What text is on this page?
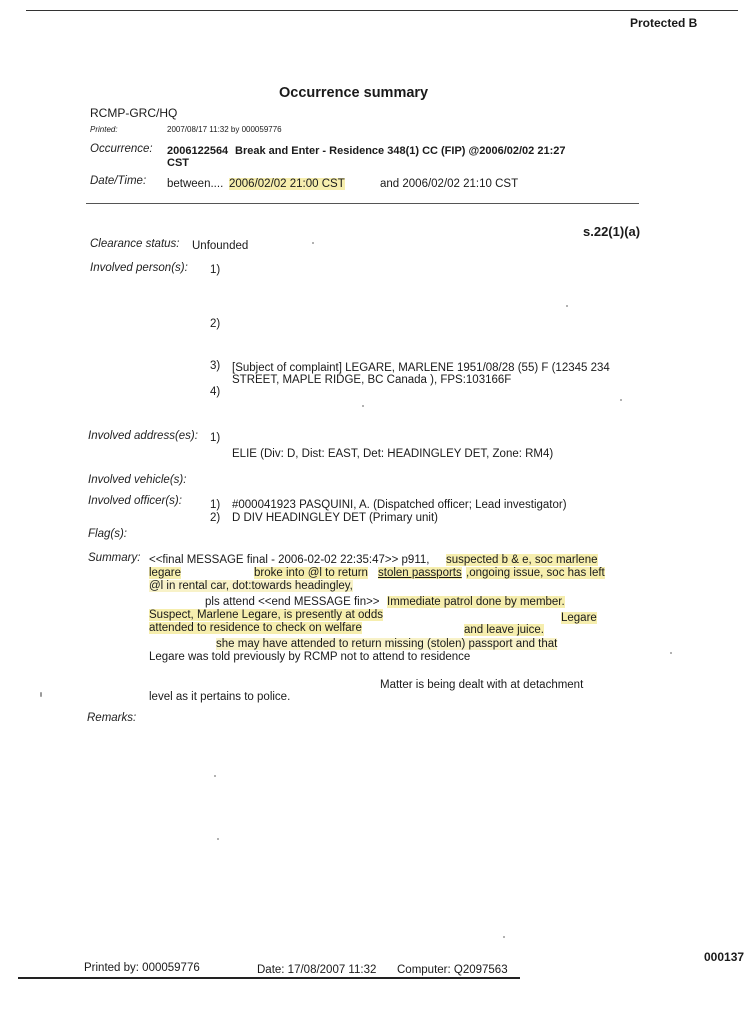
Protected B
Occurrence summary
RCMP-GRC/HQ
Printed:	2007/08/17 11:32 by 000059776
Occurrence: 2006122564 Break and Enter - Residence 348(1) CC (FIP) @2006/02/02 21:27
CST
Date/Time: between.... 2006/02/02 21:00 CST	and 2006/02/02 21:10 CST
s.22(1)(a)
Clearance status: Unfounded
Involved person(s): 1)
2)
3) [Subject of complaint] LEGARE, MARLENE 1951/08/28 (55) F (12345 234
STREET, MAPLE RIDGE, BC Canada ), FPS:103166F
4)
Involved address(es): 1)
ELIE (Div: D, Dist: EAST, Det: HEADINGLEY DET, Zone: RM4)
Involved vehicle(s):
Involved officer(s): 1) #000041923 PASQUINI, A. (Dispatched officer; Lead investigator)
2) D DIV HEADINGLEY DET (Primary unit)
Flag(s):
Summary: <<final MESSAGE final - 2006-02-02 22:35:47>> p911, suspected b & e, soc marlene
legare	broke into @l to return stolen passports ,ongoing issue, soc has left
@l in rental car, dot:towards headingley,
pls attend <<end MESSAGE fin>> Immediate patrol done by member.
Suspect, Marlene Legare, is presently at odds	Legare
attended to residence to check on welfare	and leave juice.
she may have attended to return missing (stolen) passport and that
Legare was told previously by RCMP not to attend to residence
Matter is being dealt with at detachment
level as it pertains to police.
Remarks:
Printed by: 000059776	Date: 17/08/2007 11:32 Computer: Q2097563
000137
